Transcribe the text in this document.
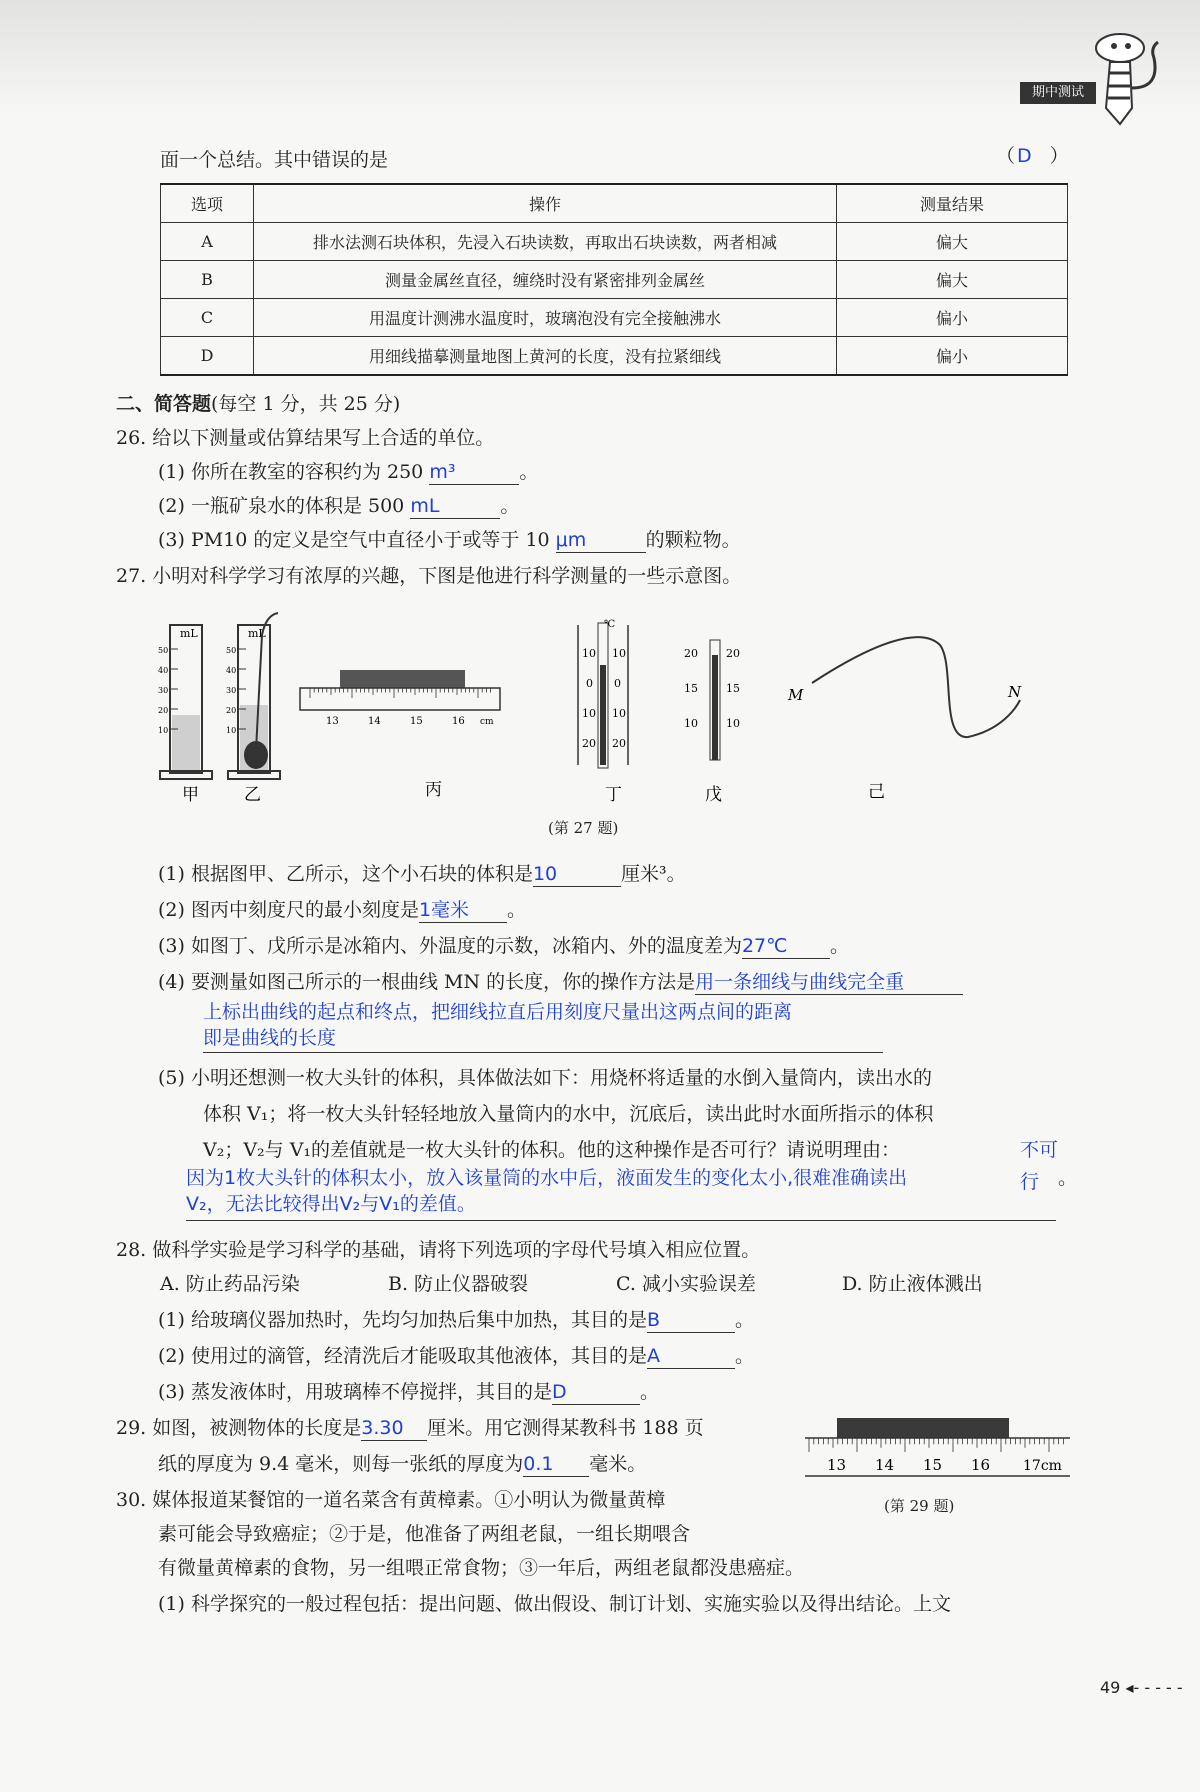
期中测试
面一个总结。其中错误的是	（ D ）
选项	操作	测量结果
A	排水法测石块体积，先浸入石块读数，再取出石块读数，两者相减	偏大
B	测量金属丝直径，缠绕时没有紧密排列金属丝	偏大
C	用温度计测沸水温度时，玻璃泡没有完全接触沸水	偏小
D	用细线描摹测量地图上黄河的长度，没有拉紧细线	偏小
二、简答题(每空 1 分，共 25 分)
26. 给以下测量或估算结果写上合适的单位。
(1) 你所在教室的容积约为 250 m³	。
(2) 一瓶矿泉水的体积是 500 mL	。
(3) PM10 的定义是空气中直径小于或等于 10 μm	的颗粒物。
27. 小明对科学学习有浓厚的兴趣，下图是他进行科学测量的一些示意图。
mL
50
40
30
20
10
mL
50
40
30
20
10
13	14	15	16 cm
℃
10 10
0 0
10 10
20 20
20	20
15	15
10	10
M	N
甲	乙	丙	丁	戊	己
(第 27 题)
(1) 根据图甲、乙所示，这个小石块的体积是10	厘米³。
(2) 图丙中刻度尺的最小刻度是1毫米 。
(3) 如图丁、戊所示是冰箱内、外温度的示数，冰箱内、外的温度差为27℃ 。
(4) 要测量如图己所示的一根曲线 MN 的长度，你的操作方法是用一条细线与曲线完全重
上标出曲线的起点和终点，把细线拉直后用刻度尺量出这两点间的距离
即是曲线的长度
(5) 小明还想测一枚大头针的体积，具体做法如下：用烧杯将适量的水倒入量筒内，读出水的
体积 V₁；将一枚大头针轻轻地放入量筒内的水中，沉底后，读出此时水面所指示的体积
V₂；V₂与 V₁的差值就是一枚大头针的体积。他的这种操作是否可行？请说明理由：	不可
因为1枚大头针的体积太小，放入该量筒的水中后，液面发生的变化太小,很难准确读出	行 。
V₂，无法比较得出V₂与V₁的差值。
28. 做科学实验是学习科学的基础，请将下列选项的字母代号填入相应位置。
A. 防止药品污染	B. 防止仪器破裂	C. 减小实验误差	D. 防止液体溅出
(1) 给玻璃仪器加热时，先均匀加热后集中加热，其目的是B	。
(2) 使用过的滴管，经清洗后才能吸取其他液体，其目的是A	。
(3) 蒸发液体时，用玻璃棒不停搅拌，其目的是D	。
29. 如图，被测物体的长度是3.30 厘米。用它测得某教科书 188 页
纸的厚度为 9.4 毫米，则每一张纸的厚度为0.1 毫米。	13 14 15 16 17cm
(第 29 题)
30. 媒体报道某餐馆的一道名菜含有黄樟素。①小明认为微量黄樟
素可能会导致癌症；②于是，他准备了两组老鼠，一组长期喂含
有微量黄樟素的食物，另一组喂正常食物；③一年后，两组老鼠都没患癌症。
(1) 科学探究的一般过程包括：提出问题、做出假设、制订计划、实施实验以及得出结论。上文
49 ◂- - - - -
